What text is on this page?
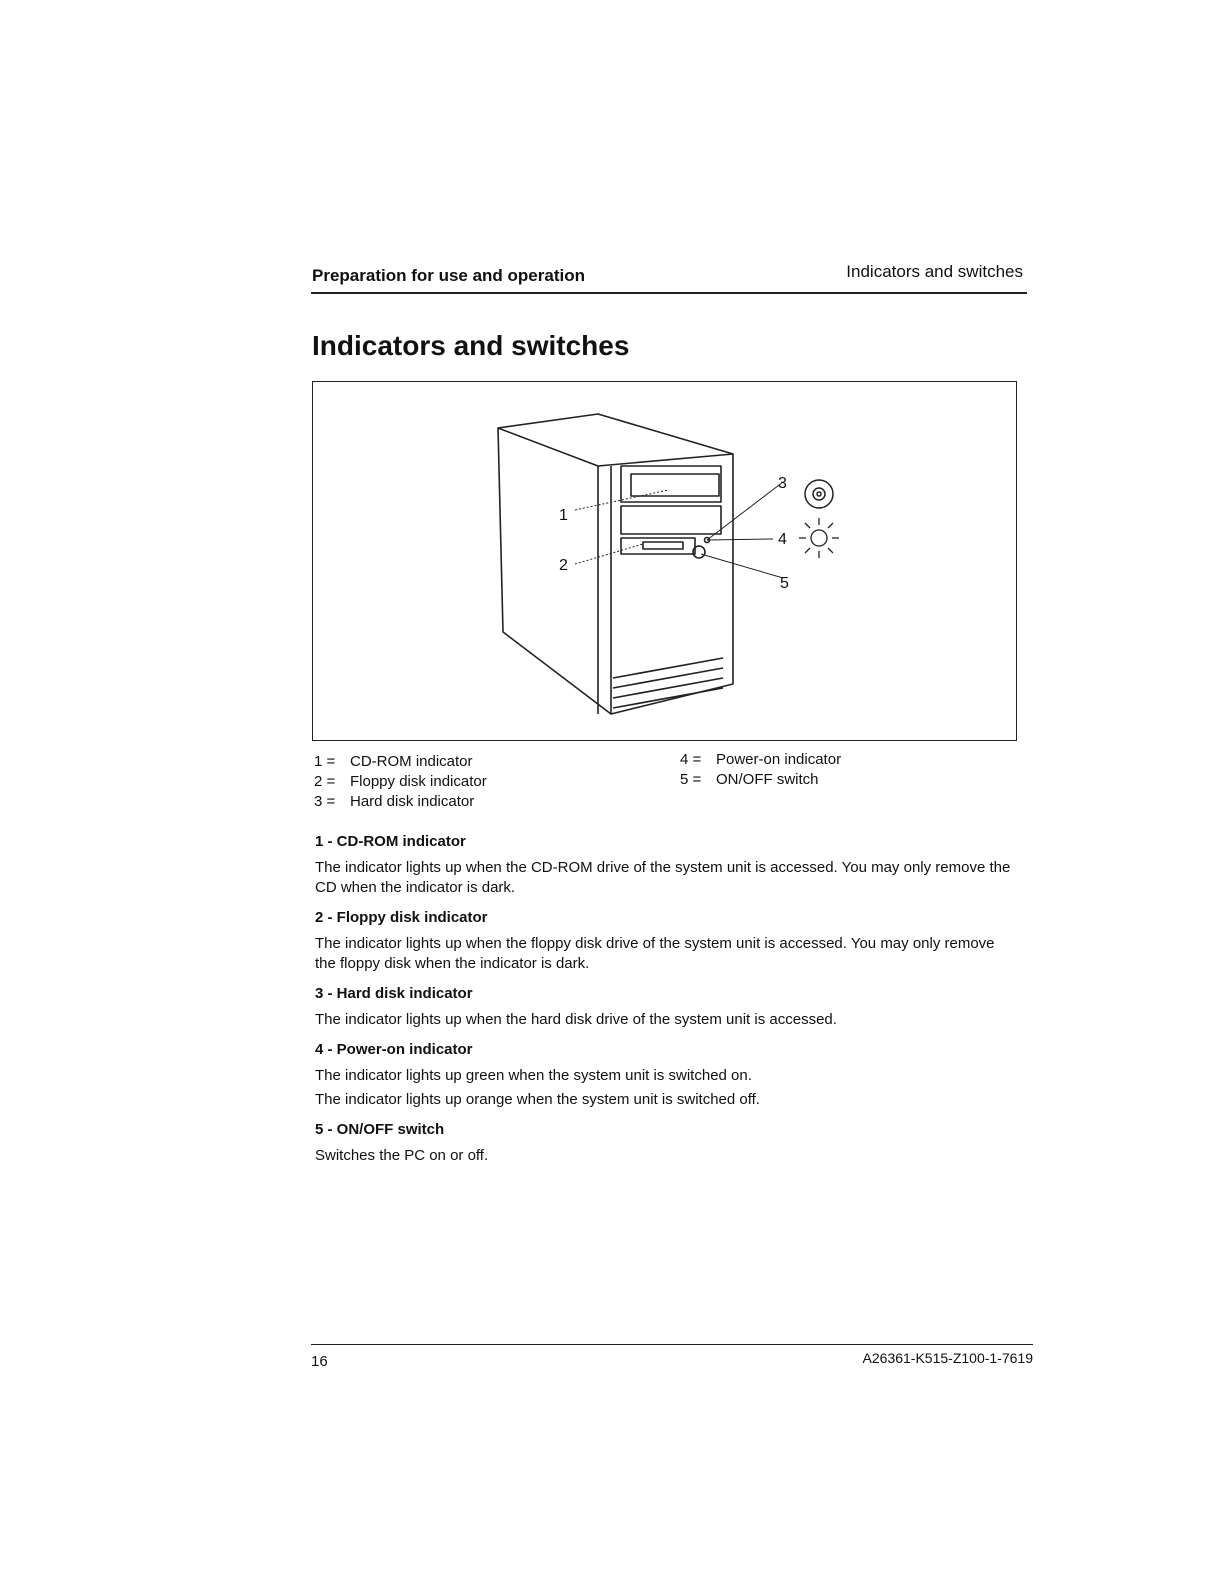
Preparation for use and operation	Indicators and switches
Indicators and switches
1
2
3
4
5
1 = CD-ROM indicator
2 = Floppy disk indicator
3 = Hard disk indicator
4 = Power-on indicator
5 = ON/OFF switch
1 - CD-ROM indicator

The indicator lights up when the CD-ROM drive of the system unit is accessed. You may only remove the CD when the indicator is dark.

2 - Floppy disk indicator

The indicator lights up when the floppy disk drive of the system unit is accessed. You may only remove the floppy disk when the indicator is dark.

3 - Hard disk indicator

The indicator lights up when the hard disk drive of the system unit is accessed.

4 - Power-on indicator

The indicator lights up green when the system unit is switched on.

The indicator lights up orange when the system unit is switched off.

5 - ON/OFF switch

Switches the PC on or off.

16	A26361-K515-Z100-1-7619
